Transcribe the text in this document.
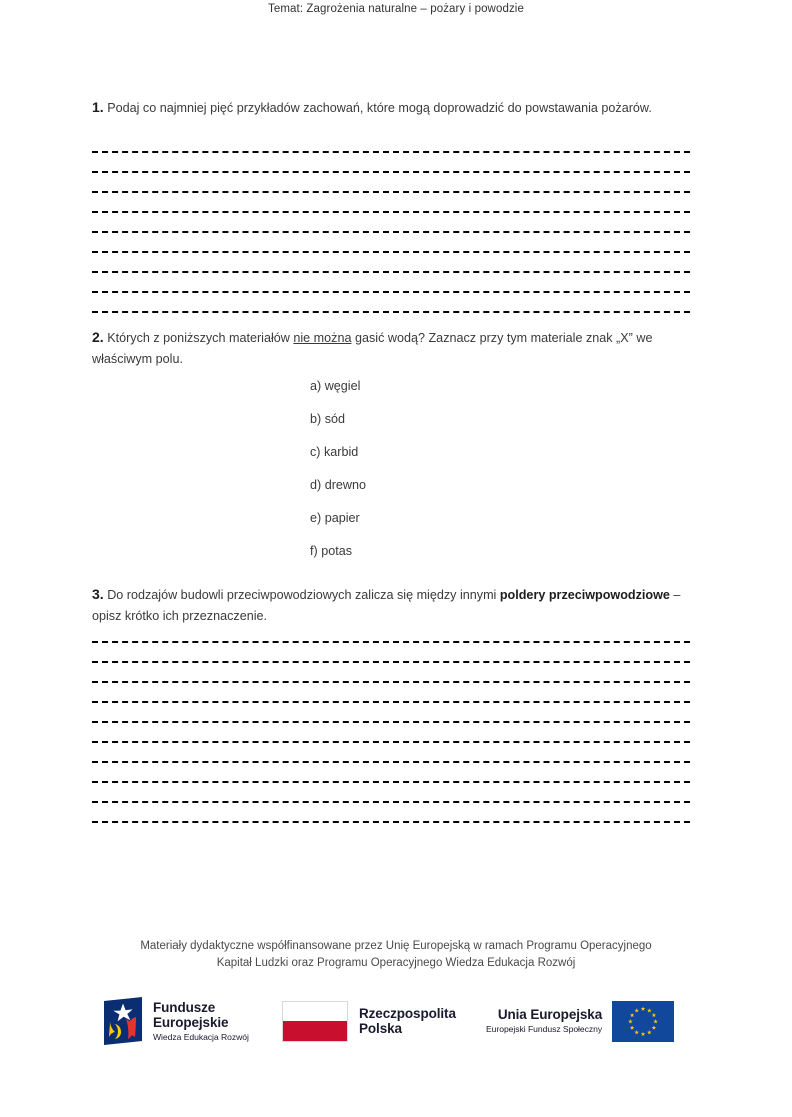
Temat: Zagrożenia naturalne – pożary i powodzie
1. Podaj co najmniej pięć przykładów zachowań, które mogą doprowadzić do powstawania pożarów.
2. Których z poniższych materiałów nie można gasić wodą? Zaznacz przy tym materiale znak „X” we właściwym polu.
a) węgiel
b) sód
c) karbid
d) drewno
e) papier
f) potas
3. Do rodzajów budowli przeciwpowodziowych zalicza się między innymi poldery przeciwpowodziowe – opisz krótko ich przeznaczenie.
Materiały dydaktyczne współfinansowane przez Unię Europejską w ramach Programu Operacyjnego
Kapitał Ludzki oraz Programu Operacyjnego Wiedza Edukacja Rozwój
Fundusze
Europejskie
Wiedza Edukacja Rozwój
Rzeczpospolita
Polska
Unia Europejska
Europejski Fundusz Społeczny
